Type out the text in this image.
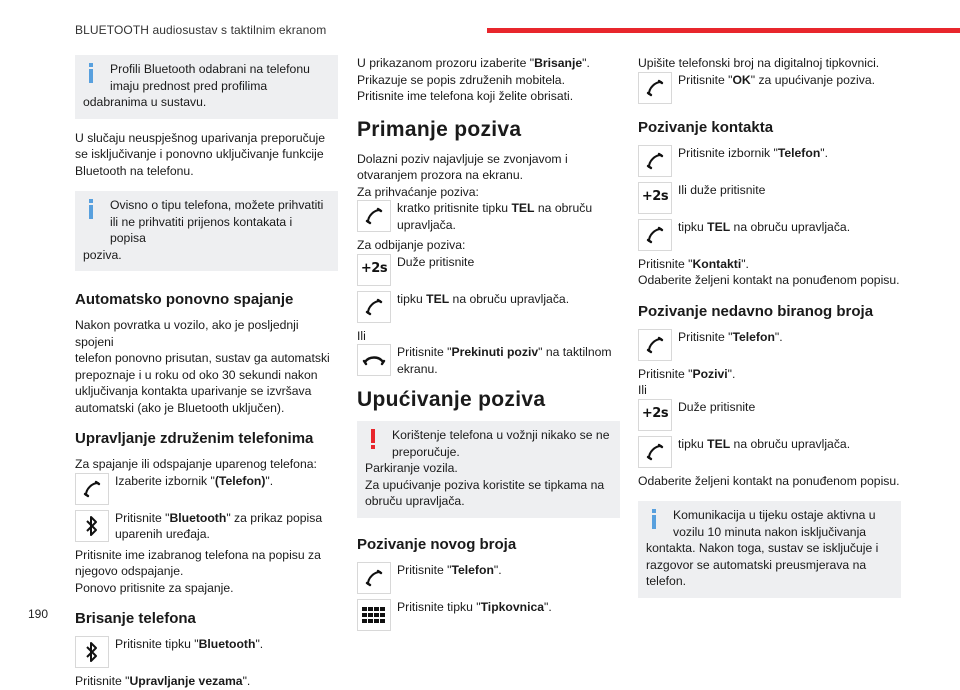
BLUETOOTH audiosustav s taktilnim ekranom
Profili Bluetooth odabrani na telefonu
imaju prednost pred profilima
odabranima u sustavu.

U slučaju neuspješnog uparivanja preporučuje
se isključivanje i ponovno uključivanje funkcije
Bluetooth na telefonu.

Ovisno o tipu telefona, možete prihvatiti
ili ne prihvatiti prijenos kontakata i popisa
poziva.
Automatsko ponovno spajanje

Nakon povratka u vozilo, ako je posljednji spojeni
telefon ponovno prisutan, sustav ga automatski
prepoznaje i u roku od oko 30 sekundi nakon
uključivanja kontakta uparivanje se izvršava
automatski (ako je Bluetooth uključen).

Upravljanje združenim telefonima
Za spajanje ili odspajanje uparenog telefona:
Izaberite izbornik "(Telefon)".
Pritisnite "Bluetooth" za prikaz popisa uparenih uređaja.

Pritisnite ime izabranog telefona na popisu za
njegovo odspajanje.
Ponovo pritisnite za spajanje.

Brisanje telefona
Pritisnite tipku "Bluetooth".
Pritisnite "Upravljanje vezama".

U prikazanom prozoru izaberite "Brisanje".
Prikazuje se popis združenih mobitela.
Pritisnite ime telefona koji želite obrisati.

Primanje poziva
Dolazni poziv najavljuje se zvonjavom i
otvaranjem prozora na ekranu.
Za prihvaćanje poziva:
kratko pritisnite tipku TEL na obruču upravljača.
Za odbijanje poziva:
+2s Duže pritisnite
tipku TEL na obruču upravljača.
Ili
Pritisnite "Prekinuti poziv" na taktilnom ekranu.
Upućivanje poziva
Korištenje telefona u vožnji nikako se ne
preporučuje.
Parkiranje vozila.
Za upućivanje poziva koristite se tipkama na
obruču upravljača.
Pozivanje novog broja
Pritisnite "Telefon".
Pritisnite tipku "Tipkovnica".
Upišite telefonski broj na digitalnoj tipkovnici.
Pritisnite "OK" za upućivanje poziva.
Pozivanje kontakta
Pritisnite izbornik "Telefon".
+2s Ili duže pritisnite
tipku TEL na obruču upravljača.
Pritisnite "Kontakti".
Odaberite željeni kontakt na ponuđenom popisu.
Pozivanje nedavno biranog broja
Pritisnite "Telefon".
Pritisnite "Pozivi".
Ili
+2s Duže pritisnite
tipku TEL na obruču upravljača.

Odaberite željeni kontakt na ponuđenom popisu.

Komunikacija u tijeku ostaje aktivna u
vozilu 10 minuta nakon isključivanja
kontakta. Nakon toga, sustav se isključuje i
razgovor se automatski preusmjerava na
telefon.
190
